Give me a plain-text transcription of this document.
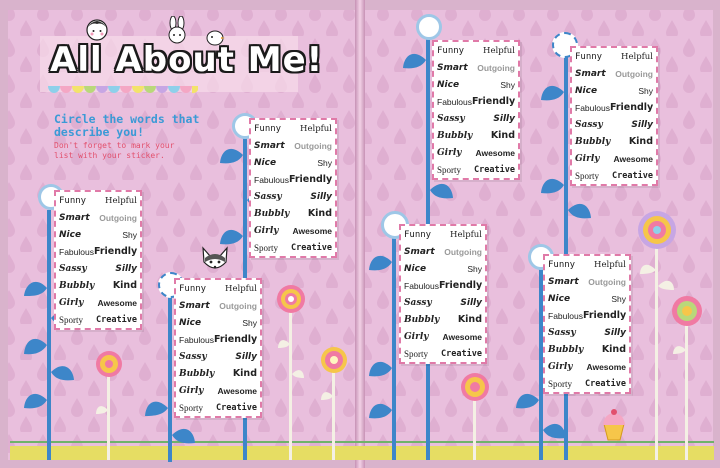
All About Me!
Circle the words that describe you!
Don't forget to mark your list with your sticker.
Funny Helpful
Smart Outgoing
Nice	Shy
Fabulous Friendly
Sassy	Silly
Bubbly Kind
Girly Awesome
Sporty Creative
Funny Helpful
Smart Outgoing
Nice	Shy
Fabulous Friendly
Sassy	Silly
Bubbly Kind
Girly Awesome
Sporty Creative
Funny Helpful
Smart Outgoing
Nice	Shy
Fabulous Friendly
Sassy	Silly
Bubbly Kind
Girly Awesome
Sporty Creative
Funny Helpful
Smart Outgoing
Nice	Shy
Fabulous Friendly
Sassy	Silly
Bubbly Kind
Girly Awesome
Sporty Creative
Funny Helpful
Smart Outgoing
Nice	Shy
Fabulous Friendly
Sassy	Silly
Bubbly Kind
Girly Awesome
Sporty Creative
Funny Helpful
Smart Outgoing
Nice	Shy
Fabulous Friendly
Sassy	Silly
Bubbly Kind
Girly Awesome
Sporty Creative
Funny Helpful
Smart Outgoing
Nice	Shy
Fabulous Friendly
Sassy	Silly
Bubbly Kind
Girly Awesome
Sporty Creative
